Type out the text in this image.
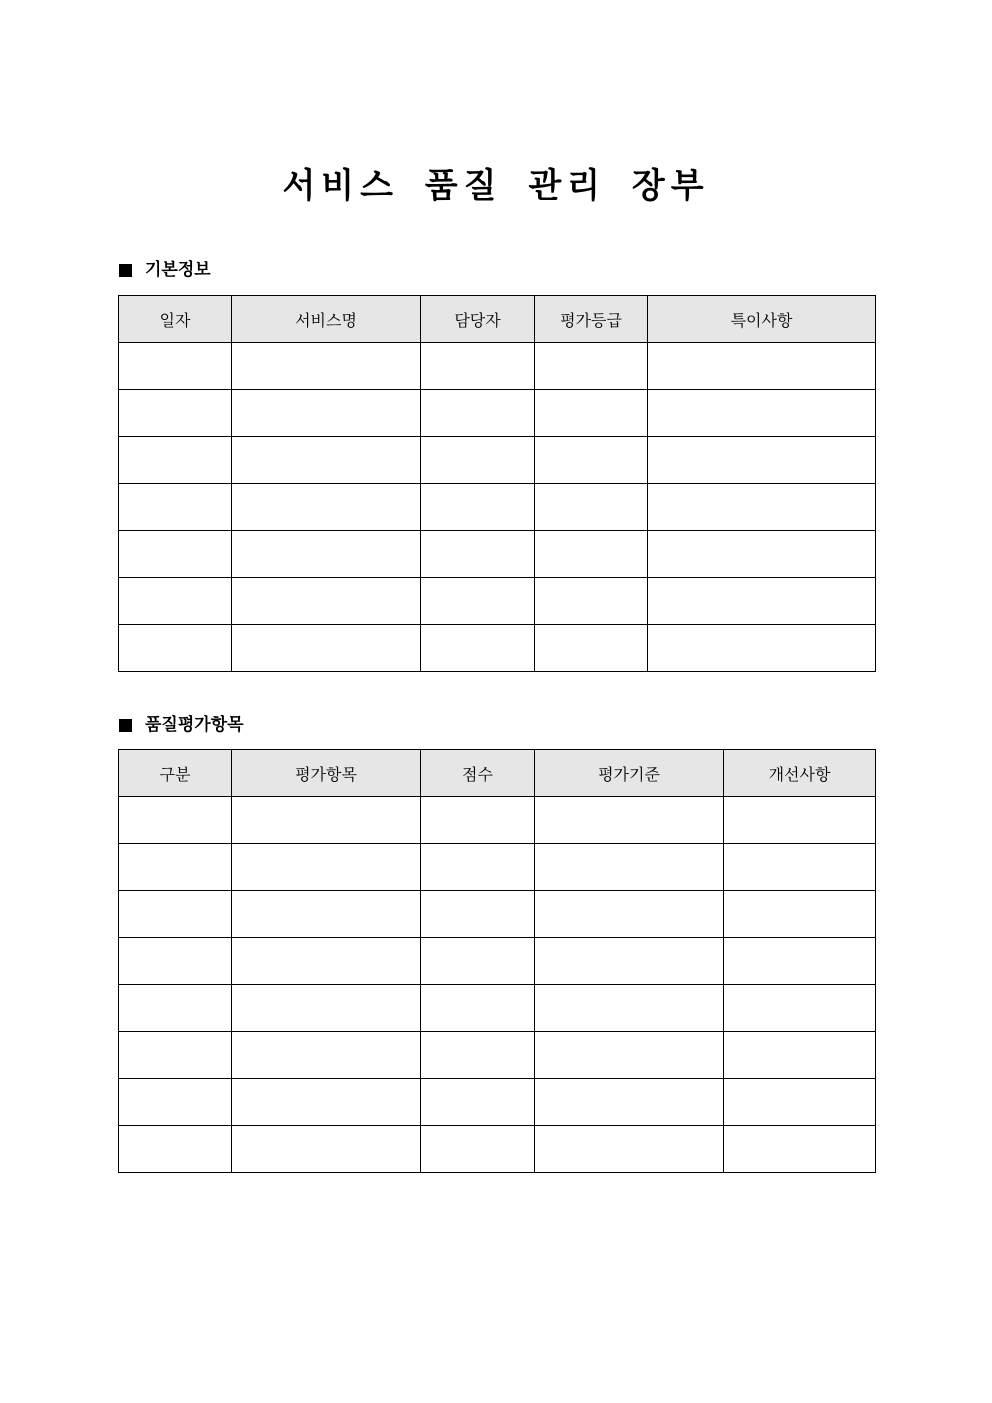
서비스 품질 관리 장부
기본정보
일자	서비스명	담당자	평가등급	특이사항

품질평가항목
구분	평가항목	점수	평가기준	개선사항
